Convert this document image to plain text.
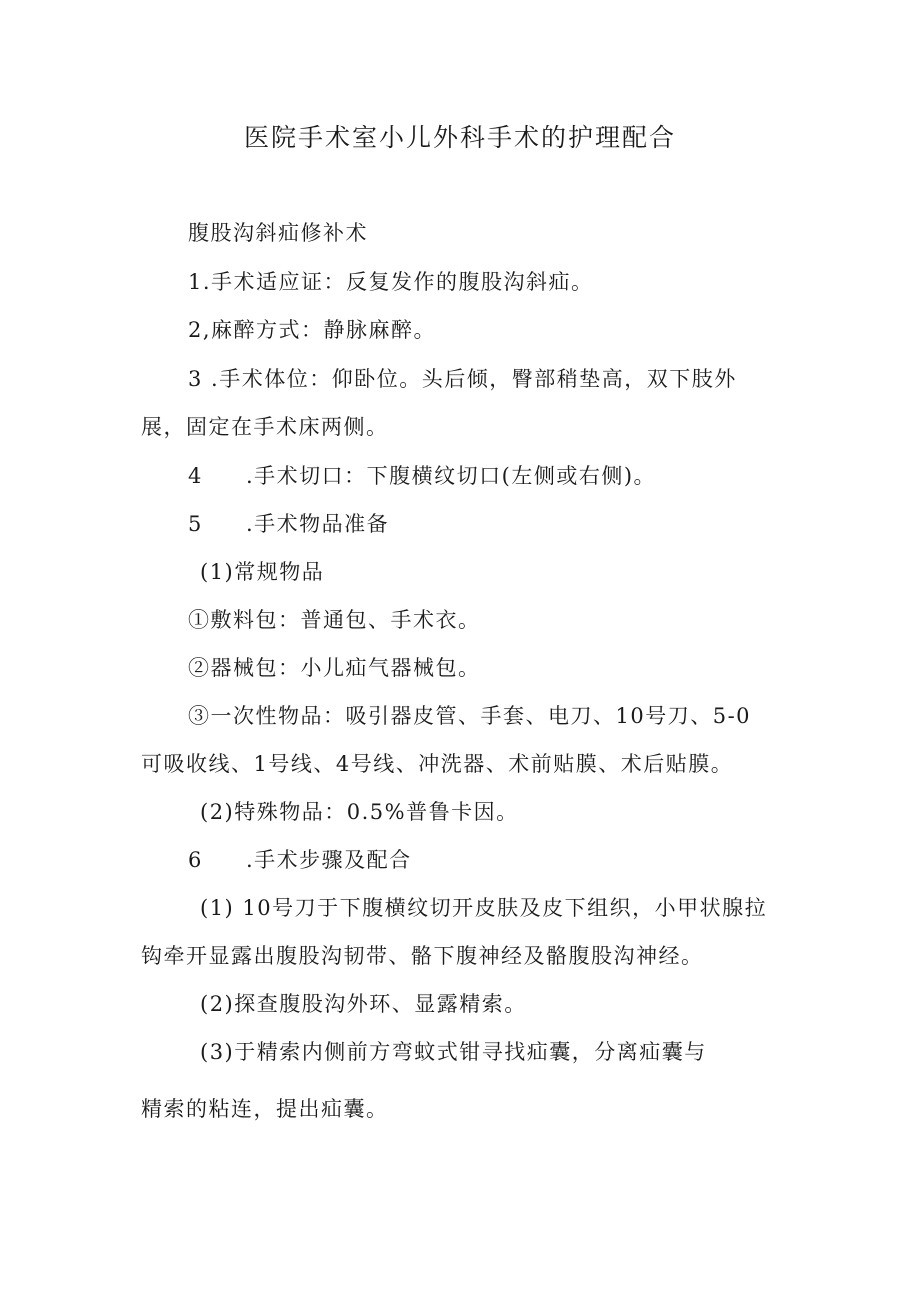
医院手术室小儿外科手术的护理配合
腹股沟斜疝修补术
1.手术适应证：反复发作的腹股沟斜疝。
2,麻醉方式：静脉麻醉。
3 .手术体位：仰卧位。头后倾，臀部稍垫高，双下肢外
展，固定在手术床两侧。
4 .手术切口：下腹横纹切口(左侧或右侧)。
5 .手术物品准备
(1)常规物品
①敷料包：普通包、手术衣。
②器械包：小儿疝气器械包。
③一次性物品：吸引器皮管、手套、电刀、10号刀、5-0
可吸收线、1号线、4号线、冲洗器、术前贴膜、术后贴膜。
(2)特殊物品：0.5%普鲁卡因。
6 .手术步骤及配合
(1) 10号刀于下腹横纹切开皮肤及皮下组织，小甲状腺拉
钩牵开显露出腹股沟韧带、骼下腹神经及骼腹股沟神经。
(2)探查腹股沟外环、显露精索。
(3)于精索内侧前方弯蚊式钳寻找疝囊，分离疝囊与
精索的粘连，提出疝囊。
